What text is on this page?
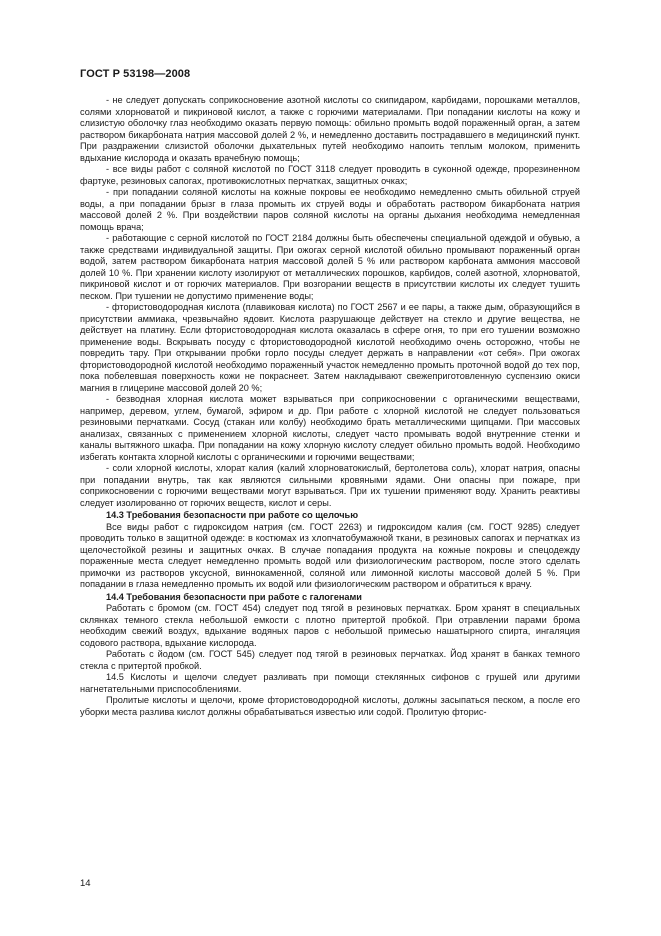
ГОСТ Р 53198—2008

- не следует допускать соприкосновение азотной кислоты со скипидаром, карбидами, порошками металлов, солями хлорноватой и пикриновой кислот, а также с горючими материалами. При попадании кислоты на кожу и слизистую оболочку глаз необходимо оказать первую помощь: обильно промыть водой пораженный орган, а затем раствором бикарбоната натрия массовой долей 2 %, и немедленно доставить пострадавшего в медицинский пункт. При раздражении слизистой оболочки дыхательных путей необходимо напоить теплым молоком, применить вдыхание кислорода и оказать врачебную помощь;

- все виды работ с соляной кислотой по ГОСТ 3118 следует проводить в суконной одежде, прорезиненном фартуке, резиновых сапогах, противокислотных перчатках, защитных очках;

- при попадании соляной кислоты на кожные покровы ее необходимо немедленно смыть обильной струей воды, а при попадании брызг в глаза промыть их струей воды и обработать раствором бикарбоната натрия массовой долей 2 %. При воздействии паров соляной кислоты на органы дыхания необходима немедленная помощь врача;

- работающие с серной кислотой по ГОСТ 2184 должны быть обеспечены специальной одеждой и обувью, а также средствами индивидуальной защиты. При ожогах серной кислотой обильно промывают пораженный орган водой, затем раствором бикарбоната натрия массовой долей 5 % или раствором карбоната аммония массовой долей 10 %. При хранении кислоту изолируют от металлических порошков, карбидов, солей азотной, хлорноватой, пикриновой кислот и от горючих материалов. При возгорании веществ в присутствии кислоты их следует тушить песком. При тушении не допустимо применение воды;

- фтористоводородная кислота (плавиковая кислота) по ГОСТ 2567 и ее пары, а также дым, образующийся в присутствии аммиака, чрезвычайно ядовит. Кислота разрушающе действует на стекло и другие вещества, не действует на платину. Если фтористоводородная кислота оказалась в сфере огня, то при его тушении возможно применение воды. Вскрывать посуду с фтористоводородной кислотой необходимо очень осторожно, чтобы не повредить тару. При открывании пробки горло посуды следует держать в направлении «от себя». При ожогах фтористоводородной кислотой необходимо пораженный участок немедленно промыть проточной водой до тех пор, пока побелевшая поверхность кожи не покраснеет. Затем накладывают свежеприготовленную суспензию окиси магния в глицерине массовой долей 20 %;

- безводная хлорная кислота может взрываться при соприкосновении с органическими веществами, например, деревом, углем, бумагой, эфиром и др. При работе с хлорной кислотой не следует пользоваться резиновыми перчатками. Сосуд (стакан или колбу) необходимо брать металлическими щипцами. При массовых анализах, связанных с применением хлорной кислоты, следует часто промывать водой внутренние стенки и каналы вытяжного шкафа. При попадании на кожу хлорную кислоту следует обильно промыть водой. Необходимо избегать контакта хлорной кислоты с органическими и горючими веществами;

- соли хлорной кислоты, хлорат калия (калий хлорноватокислый, бертолетова соль), хлорат натрия, опасны при попадании внутрь, так как являются сильными кровяными ядами. Они опасны при пожаре, при соприкосновении с горючими веществами могут взрываться. При их тушении применяют воду. Хранить реактивы следует изолированно от горючих веществ, кислот и серы.

14.3 Требования безопасности при работе со щелочью

Все виды работ с гидроксидом натрия (см. ГОСТ 2263) и гидроксидом калия (см. ГОСТ 9285) следует проводить только в защитной одежде: в костюмах из хлопчатобумажной ткани, в резиновых сапогах и перчатках из щелочестойкой резины и защитных очках. В случае попадания продукта на кожные покровы и спецодежду пораженные места следует немедленно промыть водой или физиологическим раствором, после этого сделать примочки из растворов уксусной, виннокаменной, соляной или лимонной кислоты массовой долей 5 %. При попадании в глаза немедленно промыть их водой или физиологическим раствором и обратиться к врачу.

14.4 Требования безопасности при работе с галогенами

Работать с бромом (см. ГОСТ 454) следует под тягой в резиновых перчатках. Бром хранят в специальных склянках темного стекла небольшой емкости с плотно притертой пробкой. При отравлении парами брома необходим свежий воздух, вдыхание водяных паров с небольшой примесью нашатырного спирта, ингаляция содового раствора, вдыхание кислорода.

Работать с йодом (см. ГОСТ 545) следует под тягой в резиновых перчатках. Йод хранят в банках темного стекла с притертой пробкой.

14.5 Кислоты и щелочи следует разливать при помощи стеклянных сифонов с грушей или другими нагнетательными приспособлениями.

Пролитые кислоты и щелочи, кроме фтористоводородной кислоты, должны засыпаться песком, а после его уборки места разлива кислот должны обрабатываться известью или содой. Пролитую фторис-

14
